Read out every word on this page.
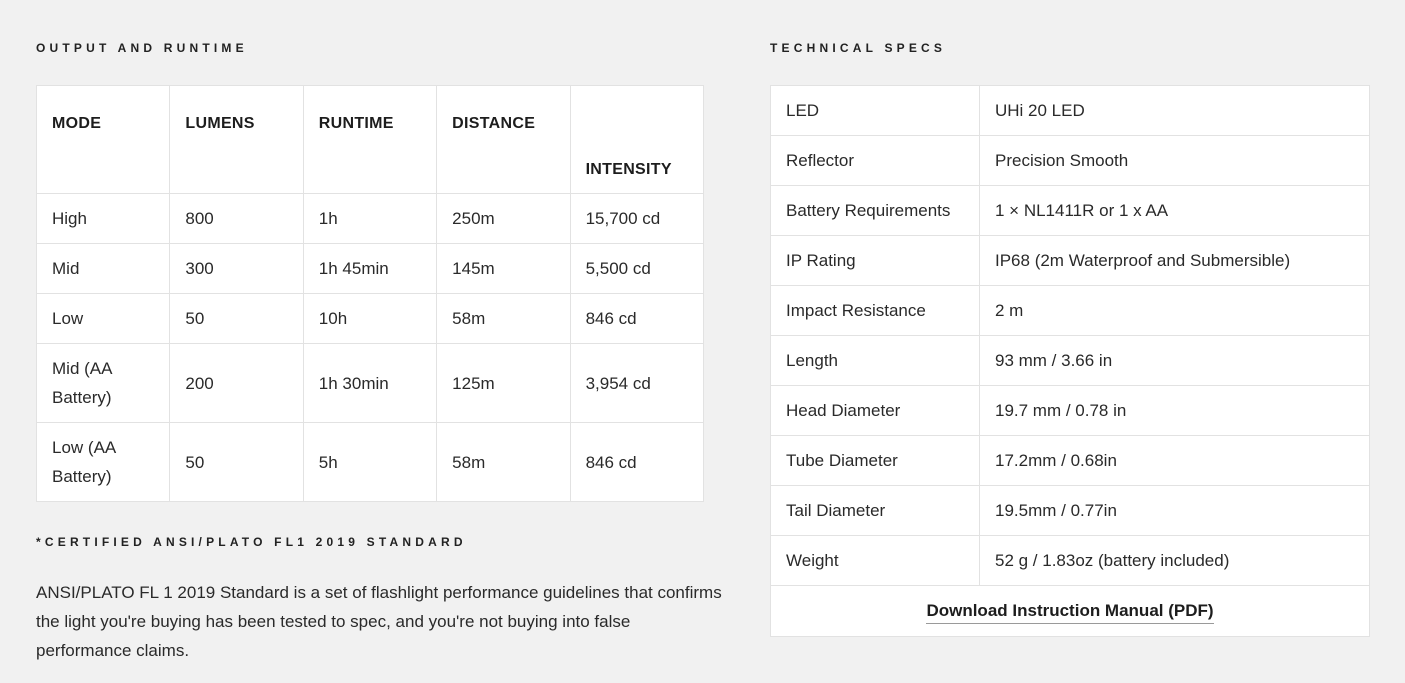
OUTPUT AND RUNTIME
MODE	LUMENS	RUNTIME	DISTANCE	INTENSITY
High	800	1h	250m	15,700 cd
Mid	300	1h 45min	145m	5,500 cd
Low	50	10h	58m	846 cd
Mid (AA Battery)	200	1h 30min	125m	3,954 cd
Low (AA Battery)	50	5h	58m	846 cd
*CERTIFIED ANSI/PLATO FL1 2019 STANDARD

ANSI/PLATO FL 1 2019 Standard is a set of flashlight performance guidelines that confirms the light you're buying has been tested to spec, and you're not buying into false performance claims.

TECHNICAL SPECS
LED	UHi 20 LED
Reflector	Precision Smooth
Battery Requirements	1 × NL1411R or 1 x AA
IP Rating	IP68 (2m Waterproof and Submersible)
Impact Resistance	2 m
Length	93 mm / 3.66 in
Head Diameter	19.7 mm / 0.78 in
Tube Diameter	17.2mm / 0.68in
Tail Diameter	19.5mm / 0.77in
Weight	52 g / 1.83oz (battery included)
Download Instruction Manual (PDF)	
